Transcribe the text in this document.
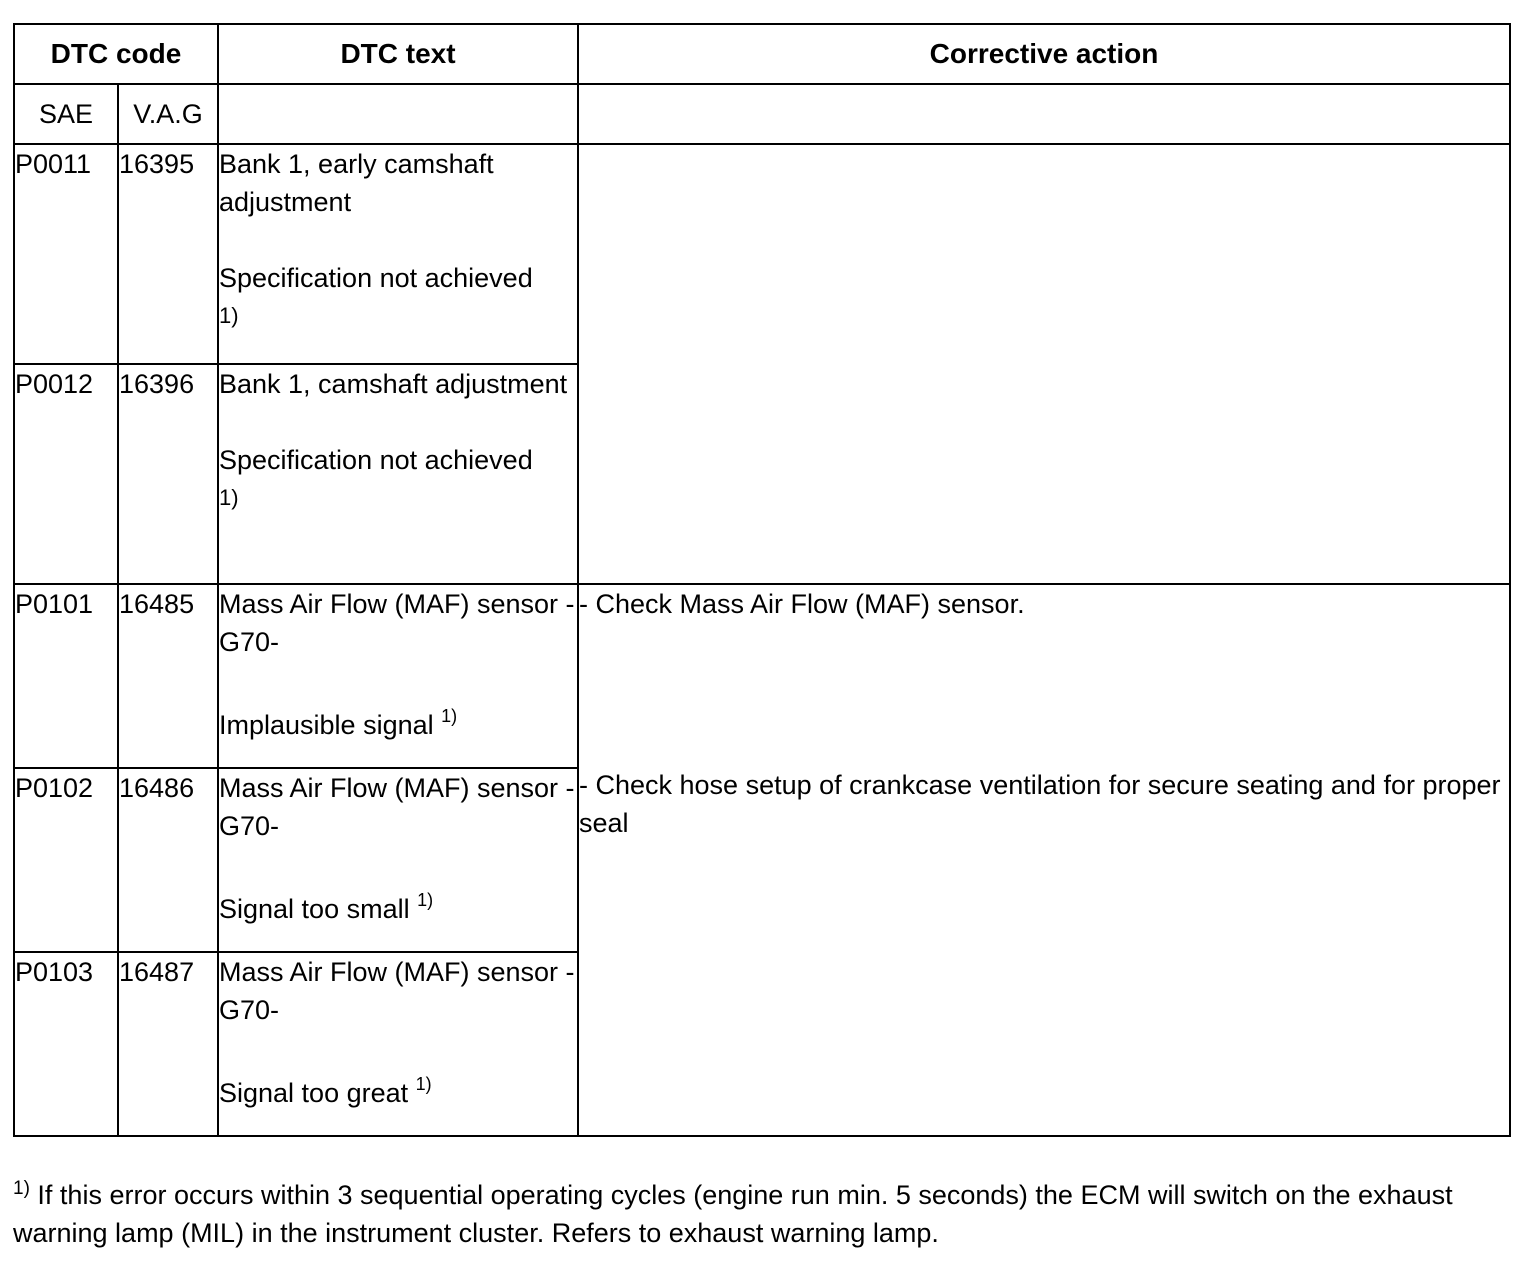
DTC code		DTC text	Corrective action
SAE	V.A.G		
P0011	16395	Bank 1, early camshaft adjustment
Specification not achieved
1)	

P0012	16396	Bank 1, camshaft adjustment
Specification not achieved
1)	

P0101	16485	Mass Air Flow (MAF) sensor -G70-
Implausible signal $^{1)}$	- Check Mass Air Flow (MAF) sensor.
- Check hose setup of crankcase ventilation for secure seating and for proper seal

P0102	16486	Mass Air Flow (MAF) sensor -G70-
Signal too small $^{1)}$

P0103	16487	Mass Air Flow (MAF) sensor -G70-
Signal too great $^{1)}$
$^{1)}$ If this error occurs within 3 sequential operating cycles (engine run min. 5 seconds) the ECM will switch on the exhaust warning lamp (MIL) in the instrument cluster. Refers to exhaust warning lamp.
